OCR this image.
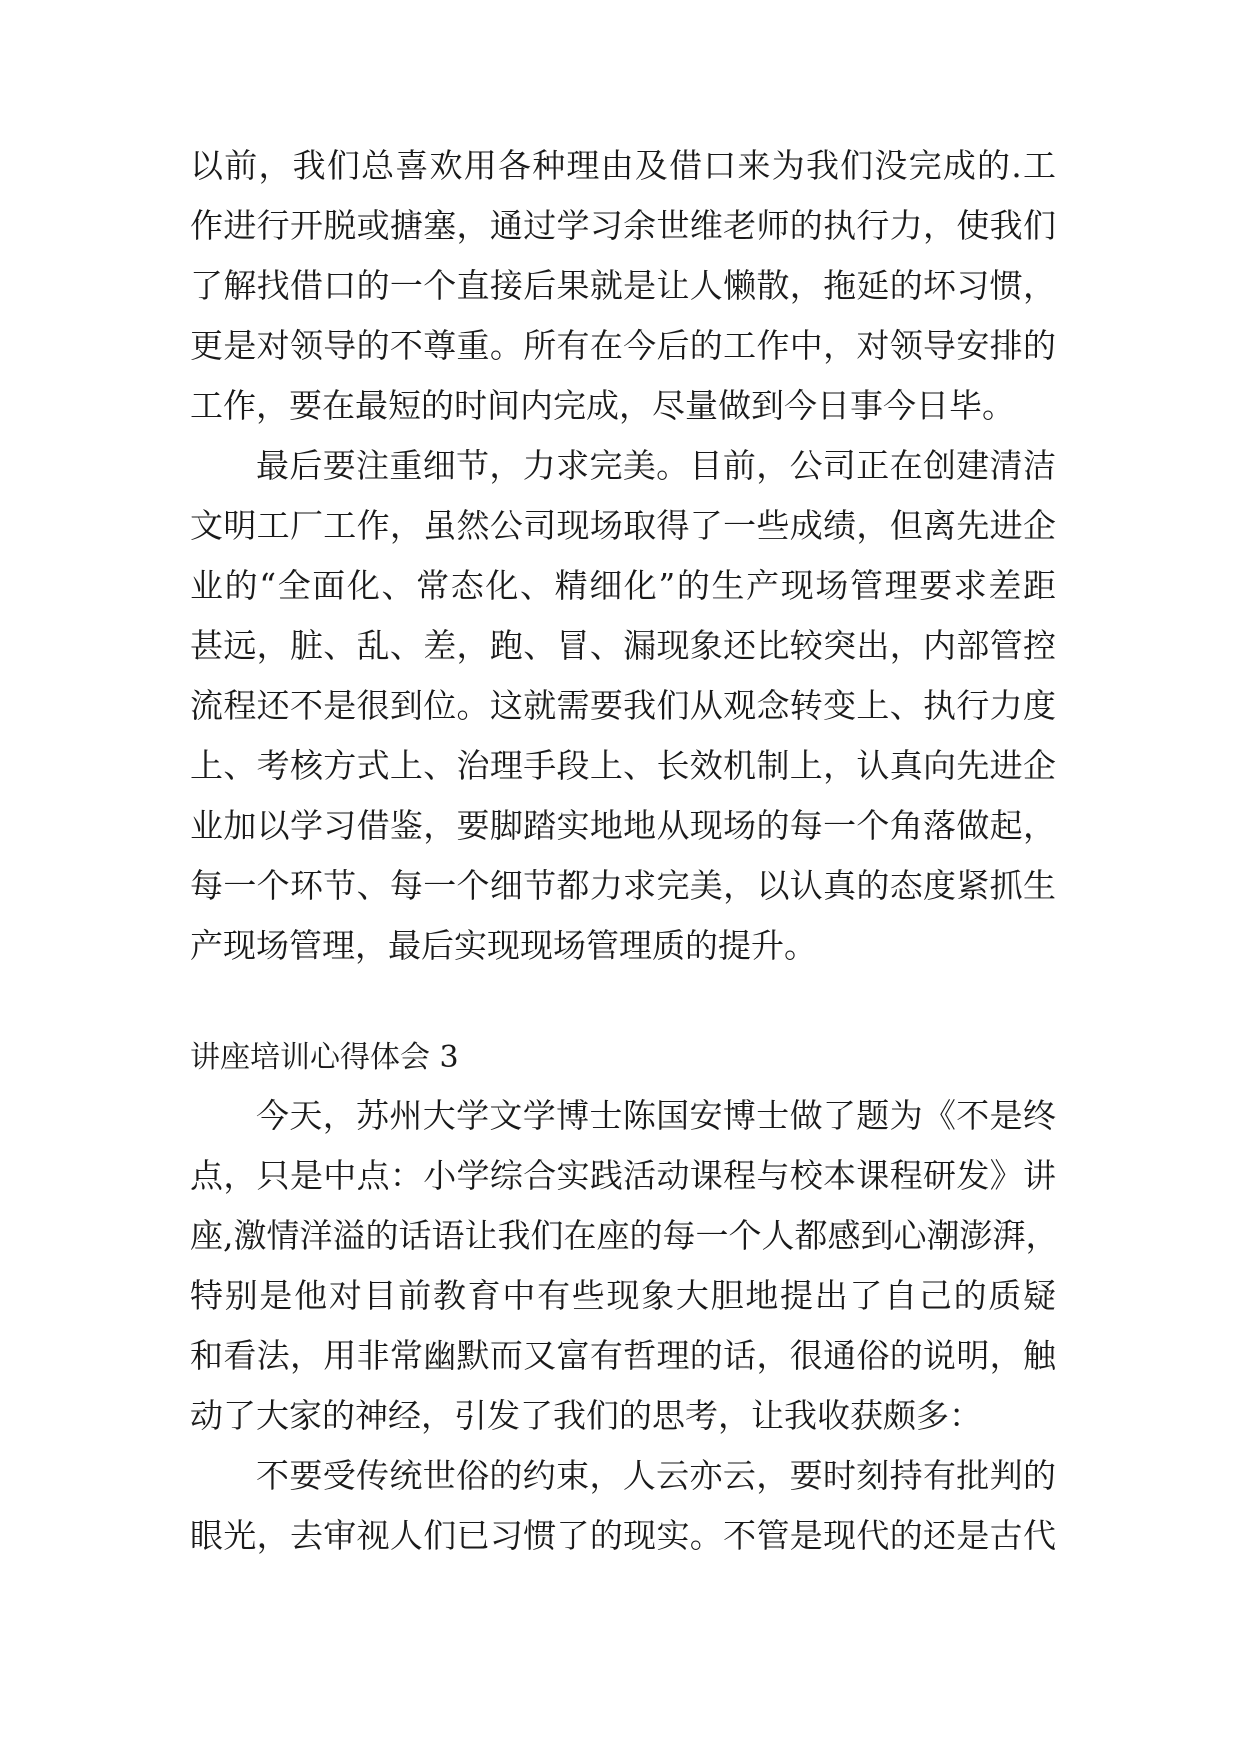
以前，我们总喜欢用各种理由及借口来为我们没完成的.工
作进行开脱或搪塞，通过学习余世维老师的执行力，使我们
了解找借口的一个直接后果就是让人懒散，拖延的坏习惯，
更是对领导的不尊重。所有在今后的工作中，对领导安排的
工作，要在最短的时间内完成，尽量做到今日事今日毕。
最后要注重细节，力求完美。目前，公司正在创建清洁
文明工厂工作，虽然公司现场取得了一些成绩，但离先进企
业的“全面化、常态化、精细化”的生产现场管理要求差距
甚远，脏、乱、差，跑、冒、漏现象还比较突出，内部管控
流程还不是很到位。这就需要我们从观念转变上、执行力度
上、考核方式上、治理手段上、长效机制上，认真向先进企
业加以学习借鉴，要脚踏实地地从现场的每一个角落做起，
每一个环节、每一个细节都力求完美，以认真的态度紧抓生
产现场管理，最后实现现场管理质的提升。
讲座培训心得体会 3
今天，苏州大学文学博士陈国安博士做了题为《不是终
点，只是中点：小学综合实践活动课程与校本课程研发》讲
座,激情洋溢的话语让我们在座的每一个人都感到心潮澎湃，
特别是他对目前教育中有些现象大胆地提出了自己的质疑
和看法，用非常幽默而又富有哲理的话，很通俗的说明，触
动了大家的神经，引发了我们的思考，让我收获颇多：
不要受传统世俗的约束，人云亦云，要时刻持有批判的
眼光，去审视人们已习惯了的现实。不管是现代的还是古代
